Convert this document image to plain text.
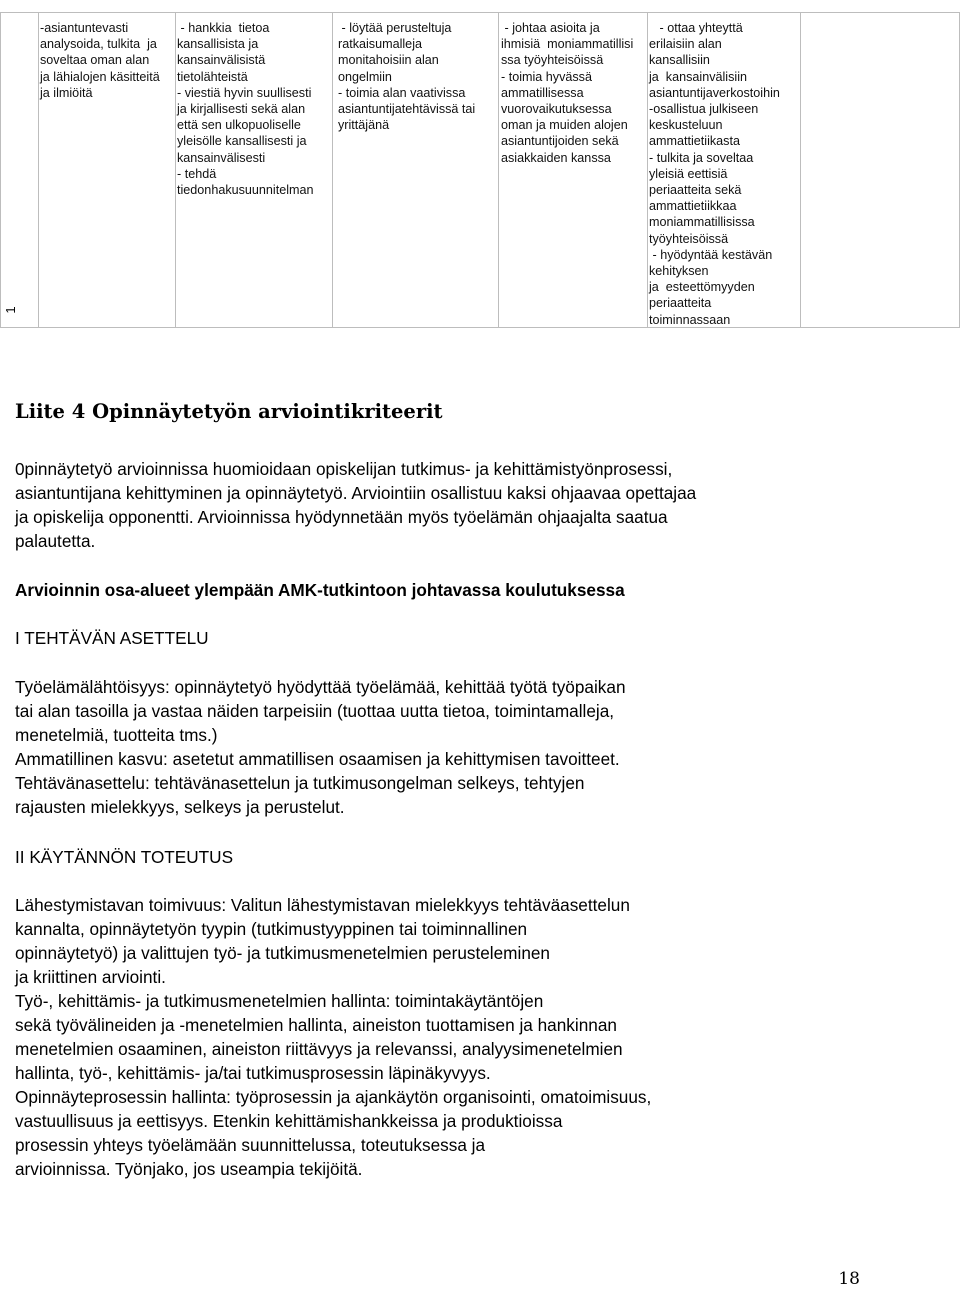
1
-asiantuntevasti
analysoida, tulkita  ja
soveltaa oman alan
ja lähialojen käsitteitä
ja ilmiöitä
- hankkia  tietoa
kansallisista ja
kansainvälisistä
tietolähteistä
- viestiä hyvin suullisesti
ja kirjallisesti sekä alan
että sen ulkopuoliselle
yleisölle kansallisesti ja
kansainvälisesti
- tehdä
tiedonhakusuunnitelman
- löytää perusteltuja
ratkaisumalleja
monitahoisiin alan
ongelmiin
- toimia alan vaativissa
asiantuntijatehtävissä tai
yrittäjänä
- johtaa asioita ja
ihmisiä  moniammatillisi
ssa työyhteisöissä
- toimia hyvässä
ammatillisessa
vuorovaikutuksessa
oman ja muiden alojen
asiantuntijoiden sekä
asiakkaiden kanssa
- ottaa yhteyttä
erilaisiin alan
kansallisiin
ja  kansainvälisiin
asiantuntijaverkostoihin
-osallistua julkiseen
keskusteluun
ammattietiikasta
- tulkita ja soveltaa
yleisiä eettisiä
periaatteita sekä
ammattietiikkaa
moniammatillisissa
työyhteisöissä
- hyödyntää kestävän
kehityksen
ja  esteettömyyden
periaatteita
toiminnassaan
Liite 4 Opinnäytetyön arviointikriteerit
0pinnäytetyö arvioinnissa huomioidaan opiskelijan tutkimus- ja kehittämistyönprosessi,
asiantuntijana kehittyminen ja opinnäytetyö. Arviointiin osallistuu kaksi ohjaavaa opettajaa
ja opiskelija opponentti. Arvioinnissa hyödynnetään myös työelämän ohjaajalta saatua
palautetta.
Arvioinnin osa-alueet ylempään AMK-tutkintoon johtavassa koulutuksessa
I TEHTÄVÄN ASETTELU
Työelämälähtöisyys: opinnäytetyö hyödyttää työelämää, kehittää työtä työpaikan
tai alan tasoilla ja vastaa näiden tarpeisiin (tuottaa uutta tietoa, toimintamalleja,
menetelmiä, tuotteita tms.)
Ammatillinen kasvu: asetetut ammatillisen osaamisen ja kehittymisen tavoitteet.
Tehtävänasettelu: tehtävänasettelun ja tutkimusongelman selkeys, tehtyjen
rajausten mielekkyys, selkeys ja perustelut.
II KÄYTÄNNÖN TOTEUTUS
Lähestymistavan toimivuus: Valitun lähestymistavan mielekkyys tehtäväasettelun
kannalta, opinnäytetyön tyypin (tutkimustyyppinen tai toiminnallinen
opinnäytetyö) ja valittujen työ- ja tutkimusmenetelmien perusteleminen
ja kriittinen arviointi.
Työ-, kehittämis- ja tutkimusmenetelmien hallinta: toimintakäytäntöjen
sekä työvälineiden ja -menetelmien hallinta, aineiston tuottamisen ja hankinnan
menetelmien osaaminen, aineiston riittävyys ja relevanssi, analyysimenetelmien
hallinta, työ-, kehittämis- ja/tai tutkimusprosessin läpinäkyvyys.
Opinnäyteprosessin hallinta: työprosessin ja ajankäytön organisointi, omatoimisuus,
vastuullisuus ja eettisyys. Etenkin kehittämishankkeissa ja produktioissa
prosessin yhteys työelämään suunnittelussa, toteutuksessa ja
arvioinnissa. Työnjako, jos useampia tekijöitä.
18
